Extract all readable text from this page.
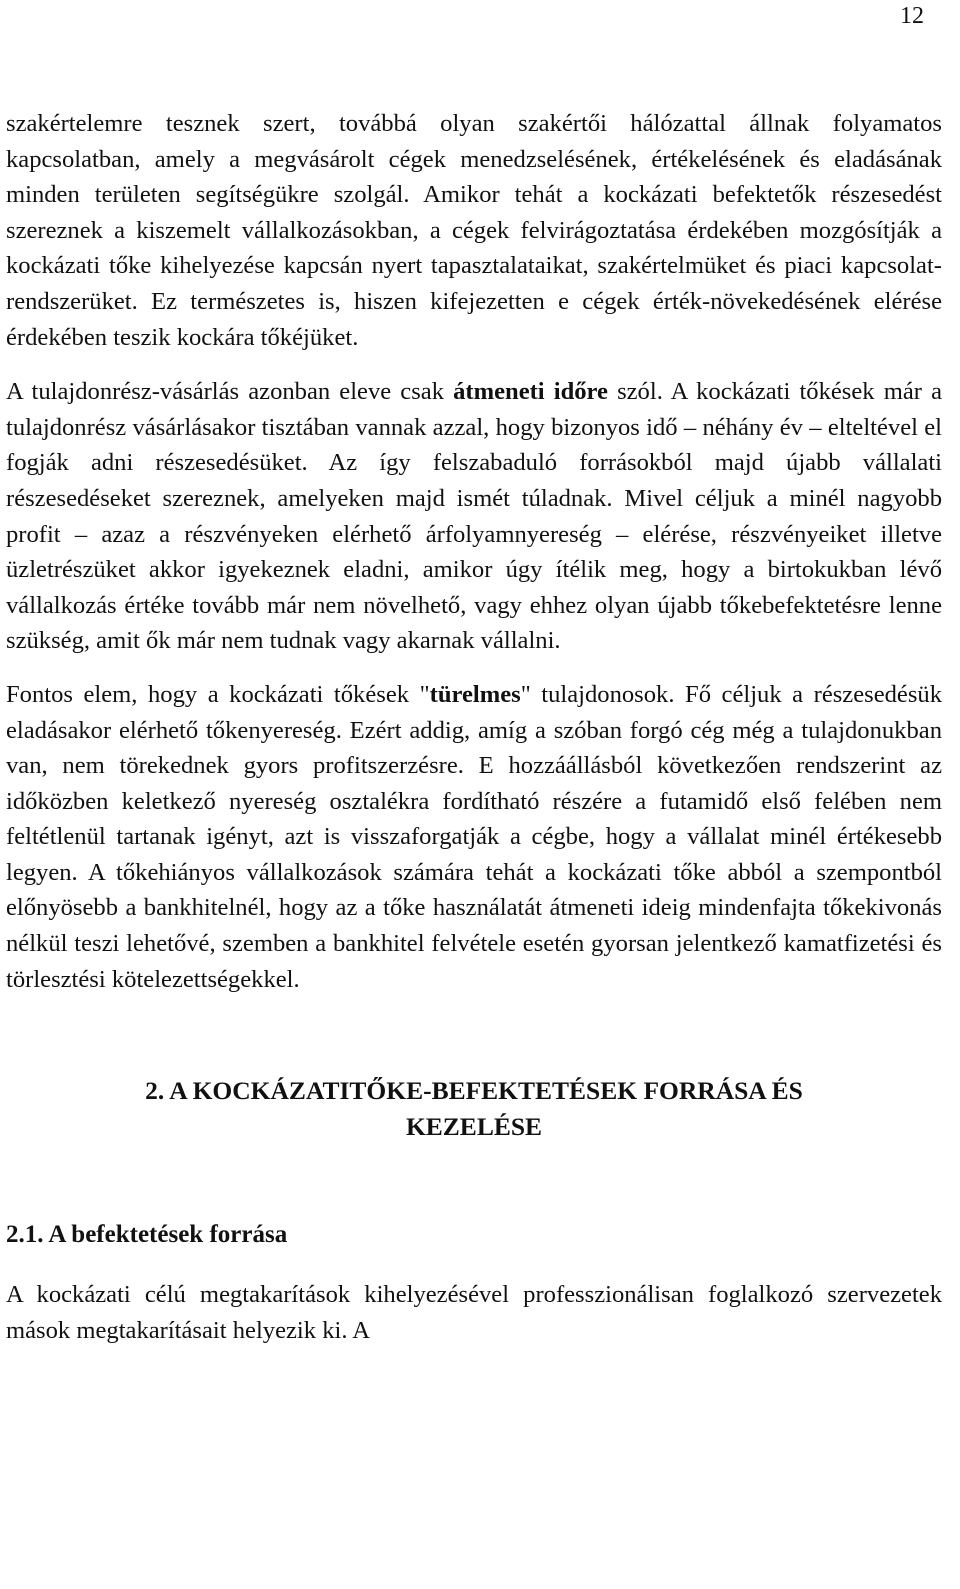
12

szakértelemre tesznek szert, továbbá olyan szakértői hálózattal állnak folyamatos kapcsolatban, amely a megvásárolt cégek menedzselésének, értékelésének és eladásának minden területen segítségükre szolgál. Amikor tehát a kockázati befektetők részesedést szereznek a kiszemelt vállalkozásokban, a cégek felvirágoztatása érdekében mozgósítják a kockázati tőke kihelyezése kapcsán nyert tapasztalataikat, szakértelmüket és piaci kapcsolat-rendszerüket. Ez természetes is, hiszen kifejezetten e cégek érték-növekedésének elérése érdekében teszik kockára tőkéjüket.

A tulajdonrész-vásárlás azonban eleve csak átmeneti időre szól. A kockázati tőkések már a tulajdonrész vásárlásakor tisztában vannak azzal, hogy bizonyos idő – néhány év – elteltével el fogják adni részesedésüket. Az így felszabaduló forrásokból majd újabb vállalati részesedéseket szereznek, amelyeken majd ismét túladnak. Mivel céljuk a minél nagyobb profit – azaz a részvényeken elérhető árfolyamnyereség – elérése, részvényeiket illetve üzletrészüket akkor igyekeznek eladni, amikor úgy ítélik meg, hogy a birtokukban lévő vállalkozás értéke tovább már nem növelhető, vagy ehhez olyan újabb tőkebefektetésre lenne szükség, amit ők már nem tudnak vagy akarnak vállalni.

Fontos elem, hogy a kockázati tőkések "türelmes" tulajdonosok. Fő céljuk a részesedésük eladásakor elérhető tőkenyereség. Ezért addig, amíg a szóban forgó cég még a tulajdonukban van, nem törekednek gyors profitszerzésre. E hozzáállásból következően rendszerint az időközben keletkező nyereség osztalékra fordítható részére a futamidő első felében nem feltétlenül tartanak igényt, azt is visszaforgatják a cégbe, hogy a vállalat minél értékesebb legyen. A tőkehiányos vállalkozások számára tehát a kockázati tőke abból a szempontból előnyösebb a bankhitelnél, hogy az a tőke használatát átmeneti ideig mindenfajta tőkekivonás nélkül teszi lehetővé, szemben a bankhitel felvétele esetén gyorsan jelentkező kamatfizetési és törlesztési kötelezettségekkel.

2. A KOCKÁZATITŐKE-BEFEKTETÉSEK FORRÁSA ÉS
KEZELÉSE
2.1. A befektetések forrása

A kockázati célú megtakarítások kihelyezésével professzionálisan foglalkozó szervezetek mások megtakarításait helyezik ki. A
